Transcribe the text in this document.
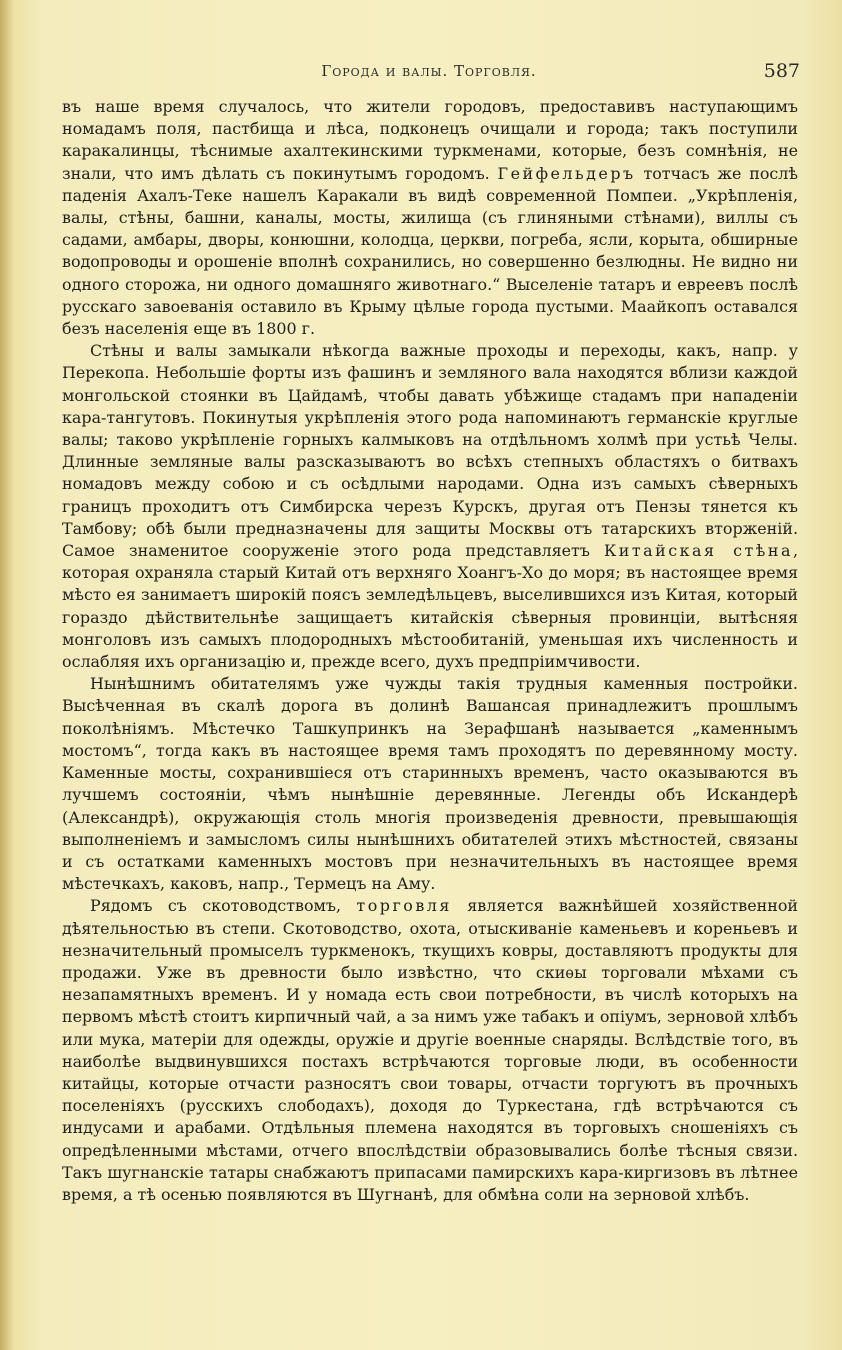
Города и валы. Торговля.	587

въ наше время случалось, что жители городовъ, предоставивъ наступающимъ номадамъ поля, пастбища и лѣса, подконецъ очищали и города; такъ поступили каракалинцы, тѣснимые ахалтекинскими туркменами, которые, безъ сомнѣнія, не знали, что имъ дѣлать съ покинутымъ городомъ. Гейфельдеръ тотчасъ же послѣ паденія Ахалъ-Теке нашелъ Каракали въ видѣ современной Помпеи. „Укрѣпленія, валы, стѣны, башни, каналы, мосты, жилища (съ глиняными стѣнами), виллы съ садами, амбары, дворы, конюшни, колодца, церкви, погреба, ясли, корыта, обширные водопроводы и орошеніе вполнѣ сохранились, но совершенно безлюдны. Не видно ни одного сторожа, ни одного домашняго животнаго.“ Выселеніе татаръ и евреевъ послѣ русскаго завоеванія оставило въ Крыму цѣлые города пустыми. Маайкопъ оставался безъ населенія еще въ 1800 г.

Стѣны и валы замыкали нѣкогда важные проходы и переходы, какъ, напр. у Перекопа. Небольшіе форты изъ фашинъ и земляного вала находятся вблизи каждой монгольской стоянки въ Цайдамѣ, чтобы давать убѣжище стадамъ при нападеніи кара-тангутовъ. Покинутыя укрѣпленія этого рода напоминаютъ германскіе круглые валы; таково укрѣпленіе горныхъ калмыковъ на отдѣльномъ холмѣ при устьѣ Челы. Длинные земляные валы разсказываютъ во всѣхъ степныхъ областяхъ о битвахъ номадовъ между собою и съ осѣдлыми народами. Одна изъ самыхъ сѣверныхъ границъ проходитъ отъ Симбирска черезъ Курскъ, другая отъ Пензы тянется къ Тамбову; обѣ были предназначены для защиты Москвы отъ татарскихъ вторженій. Самое знаменитое сооруженіе этого рода представляетъ Китайская стѣна, которая охраняла старый Китай отъ верхняго Хоангъ-Хо до моря; въ настоящее время мѣсто ея занимаетъ широкій поясъ земледѣльцевъ, выселившихся изъ Китая, который гораздо дѣйствительнѣе защищаетъ китайскія сѣверныя провинціи, вытѣсняя монголовъ изъ самыхъ плодородныхъ мѣстообитаній, уменьшая ихъ численность и ослабляя ихъ организацію и, прежде всего, духъ предпріимчивости.

Нынѣшнимъ обитателямъ уже чужды такія трудныя каменныя постройки. Высѣченная въ скалѣ дорога въ долинѣ Вашансая принадлежитъ прошлымъ поколѣніямъ. Мѣстечко Ташкупринкъ на Зерафшанѣ называется „каменнымъ мостомъ“, тогда какъ въ настоящее время тамъ проходятъ по деревянному мосту. Каменные мосты, сохранившіеся отъ старинныхъ временъ, часто оказываются въ лучшемъ состояніи, чѣмъ нынѣшніе деревянные. Легенды объ Искандерѣ (Александрѣ), окружающія столь многія произведенія древности, превышающія выполненіемъ и замысломъ силы нынѣшнихъ обитателей этихъ мѣстностей, связаны и съ остатками каменныхъ мостовъ при незначительныхъ въ настоящее время мѣстечкахъ, каковъ, напр., Термецъ на Аму.

Рядомъ съ скотоводствомъ, торговля является важнѣйшей хозяйственной дѣятельностью въ степи. Скотоводство, охота, отыскиваніе каменьевъ и кореньевъ и незначительный промыселъ туркменокъ, ткущихъ ковры, доставляютъ продукты для продажи. Уже въ древности было извѣстно, что скиѳы торговали мѣхами съ незапамятныхъ временъ. И у номада есть свои потребности, въ числѣ которыхъ на первомъ мѣстѣ стоитъ кирпичный чай, а за нимъ уже табакъ и опіумъ, зерновой хлѣбъ или мука, матеріи для одежды, оружіе и другіе военные снаряды. Вслѣдствіе того, въ наиболѣе выдвинувшихся постахъ встрѣчаются торговые люди, въ особенности китайцы, которые отчасти разносятъ свои товары, отчасти торгуютъ въ прочныхъ поселеніяхъ (русскихъ слободахъ), доходя до Туркестана, гдѣ встрѣчаются съ индусами и арабами. Отдѣльныя племена находятся въ торговыхъ сношеніяхъ съ опредѣленными мѣстами, отчего впослѣдствіи образовывались болѣе тѣсныя связи. Такъ шугнанскіе татары снабжаютъ припасами памирскихъ кара-киргизовъ въ лѣтнее время, а тѣ осенью появляются въ Шугнанѣ, для обмѣна соли на зерновой хлѣбъ.
